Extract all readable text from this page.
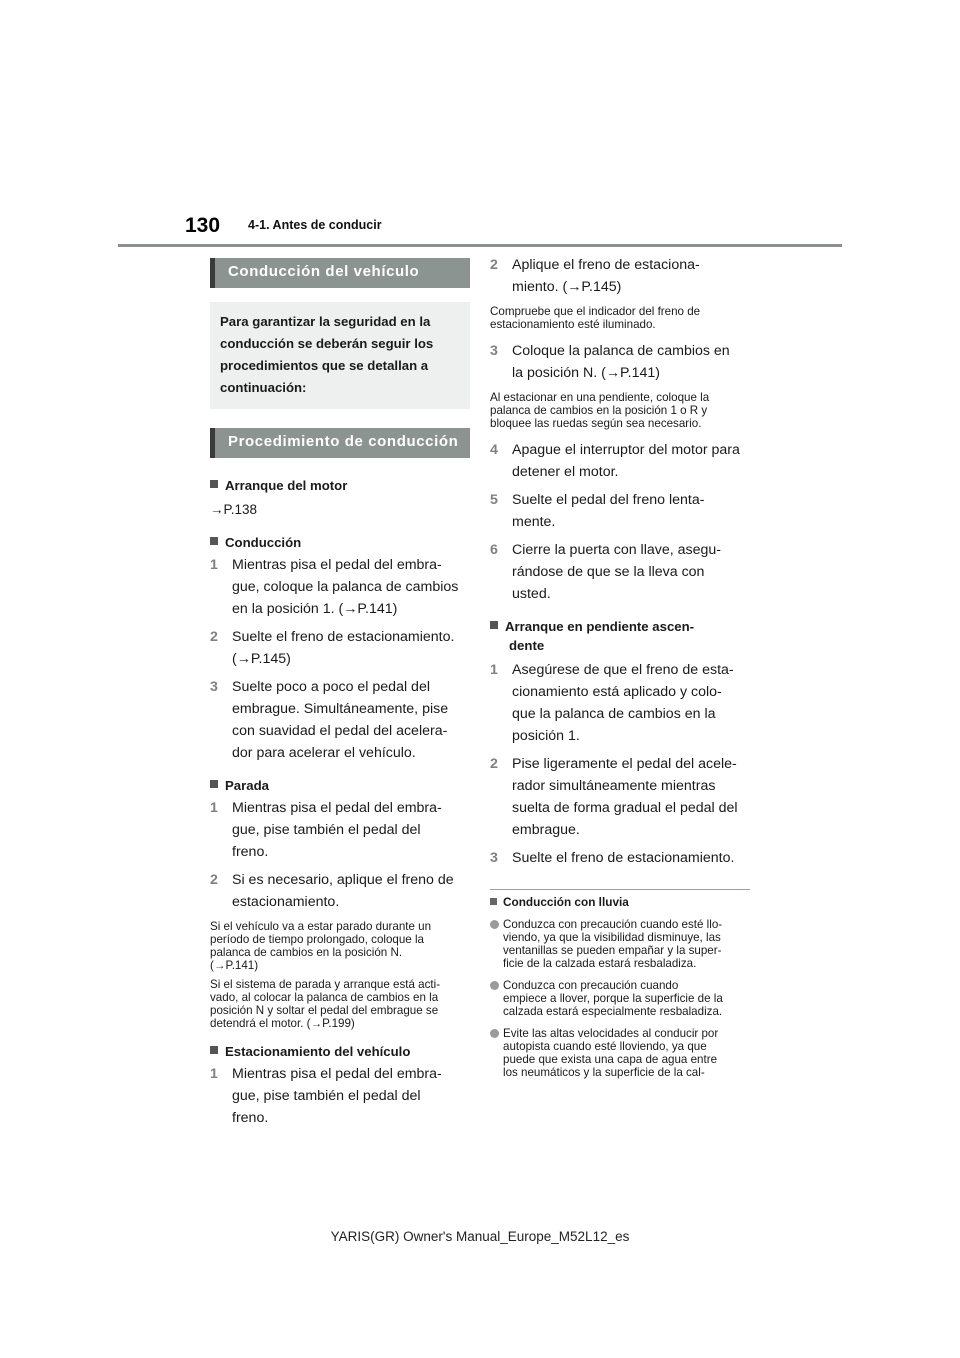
130 4-1. Antes de conducir
Conducción del vehículo
Para garantizar la seguridad en la
conducción se deberán seguir los
procedimientos que se detallan a
continuación:
Procedimiento de conducción
Arranque del motor
→P.138
Conducción
1 Mientras pisa el pedal del embra-
gue, coloque la palanca de cambios
en la posición 1. (→P.141)
2 Suelte el freno de estacionamiento.
(→P.145)
3 Suelte poco a poco el pedal del
embrague. Simultáneamente, pise
con suavidad el pedal del acelera-
dor para acelerar el vehículo.
Parada
1 Mientras pisa el pedal del embra-
gue, pise también el pedal del
freno.
2 Si es necesario, aplique el freno de
estacionamiento.
Si el vehículo va a estar parado durante un
período de tiempo prolongado, coloque la
palanca de cambios en la posición N.
(→P.141)
Si el sistema de parada y arranque está acti-
vado, al colocar la palanca de cambios en la
posición N y soltar el pedal del embrague se
detendrá el motor. (→P.199)
Estacionamiento del vehículo
1 Mientras pisa el pedal del embra-
gue, pise también el pedal del
freno.
2 Aplique el freno de estaciona-
miento. (→P.145)
Compruebe que el indicador del freno de
estacionamiento esté iluminado.
3 Coloque la palanca de cambios en
la posición N. (→P.141)
Al estacionar en una pendiente, coloque la
palanca de cambios en la posición 1 o R y
bloquee las ruedas según sea necesario.
4 Apague el interruptor del motor para
detener el motor.
5 Suelte el pedal del freno lenta-
mente.
6 Cierre la puerta con llave, asegu-
rándose de que se la lleva con
usted.
Arranque en pendiente ascen-
dente
1 Asegúrese de que el freno de esta-
cionamiento está aplicado y colo-
que la palanca de cambios en la
posición 1.
2 Pise ligeramente el pedal del acele-
rador simultáneamente mientras
suelta de forma gradual el pedal del
embrague.
3 Suelte el freno de estacionamiento.
Conducción con lluvia
Conduzca con precaución cuando esté llo-
viendo, ya que la visibilidad disminuye, las
ventanillas se pueden empañar y la super-
ficie de la calzada estará resbaladiza.
Conduzca con precaución cuando
empiece a llover, porque la superficie de la
calzada estará especialmente resbaladiza.
Evite las altas velocidades al conducir por
autopista cuando esté lloviendo, ya que
puede que exista una capa de agua entre
los neumáticos y la superficie de la cal-
YARIS(GR) Owner's Manual_Europe_M52L12_es
